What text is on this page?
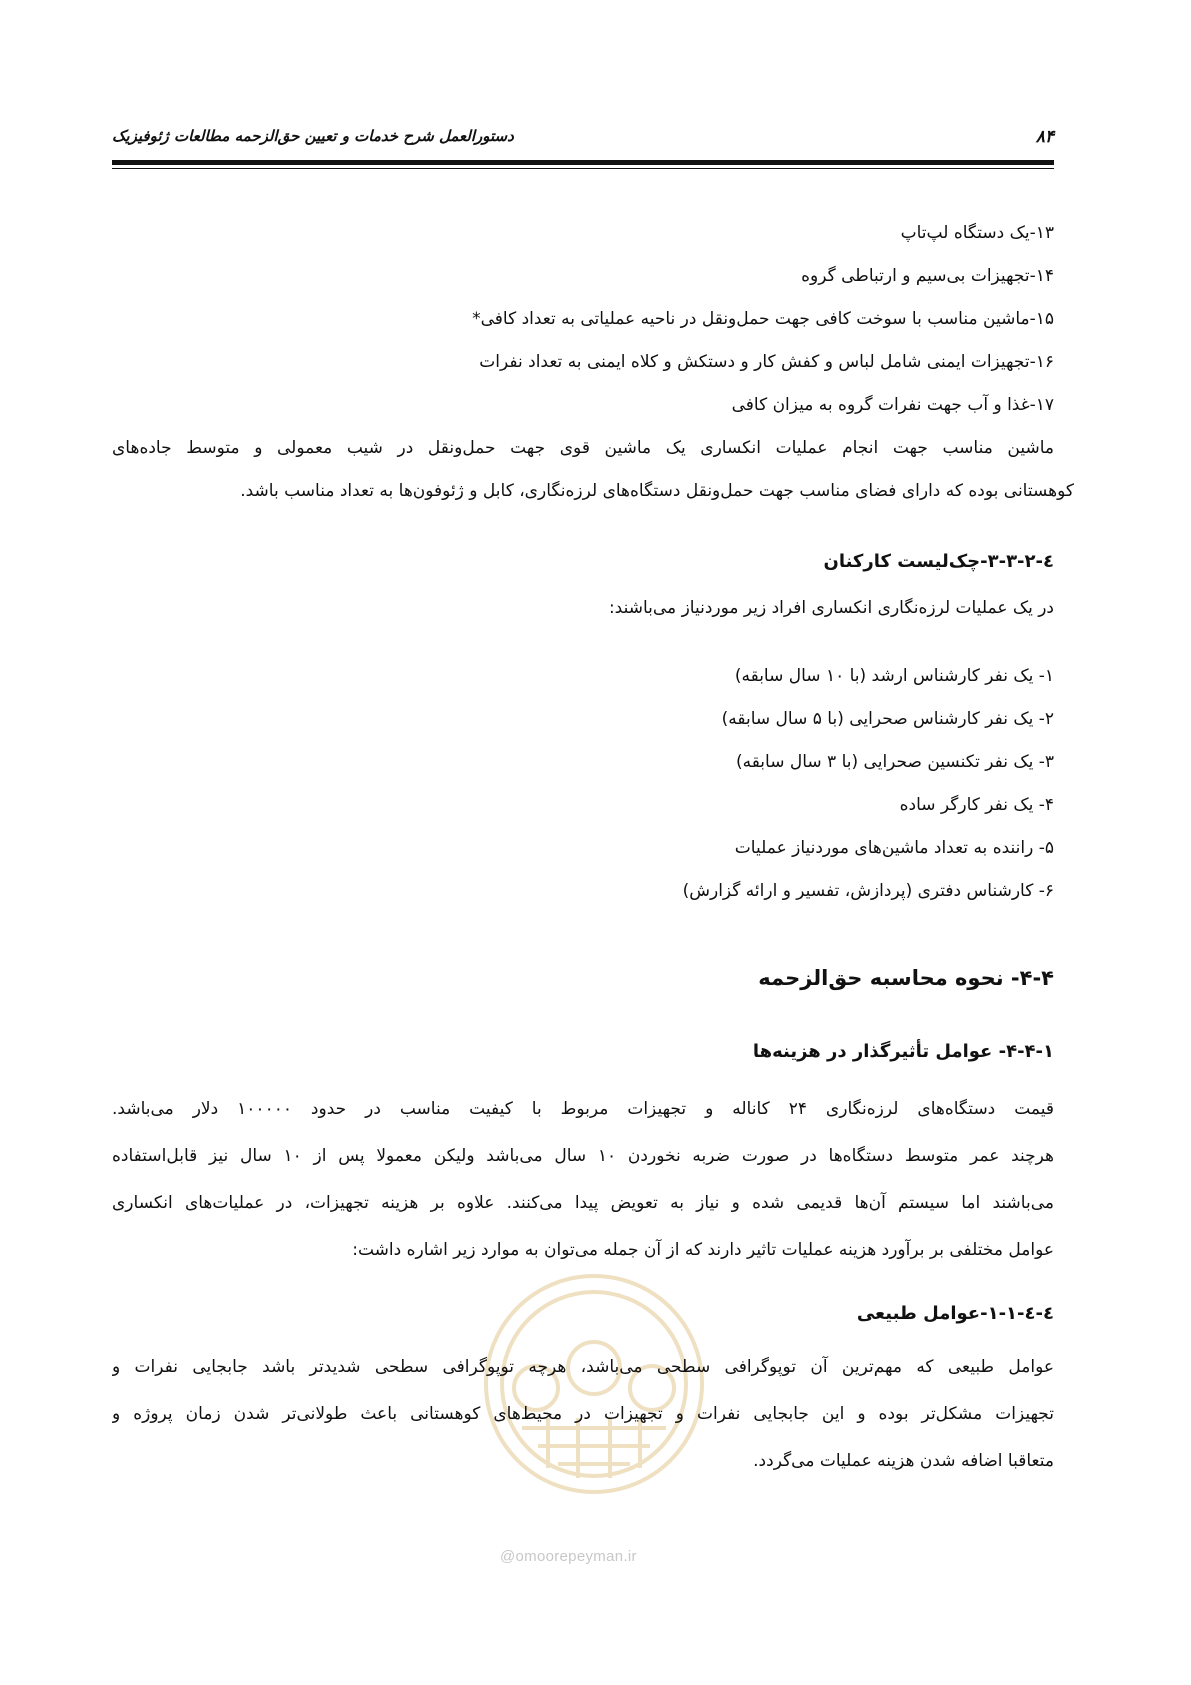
۸۴
دستورالعمل شرح خدمات و تعیین حق‌الزحمه مطالعات ژئوفیزیک
@omoorepeyman.ir
۱۳-یک دستگاه لپ‌تاپ
۱۴-تجهیزات بی‌سیم و ارتباطی گروه
۱۵-ماشین مناسب با سوخت کافی جهت حمل‌ونقل در ناحیه عملیاتی به تعداد کافی*
۱۶-تجهیزات ایمنی شامل لباس و کفش کار و دستکش و کلاه ایمنی به تعداد نفرات
۱۷-غذا و آب جهت نفرات گروه به میزان کافی
ماشین مناسب جهت انجام عملیات انکساری یک ماشین قوی جهت حمل‌ونقل در شیب معمولی و متوسط جاده‌های
کوهستانی بوده که دارای فضای مناسب جهت حمل‌ونقل دستگاه‌های لرزه‌نگاری، کابل و ژئوفون‌ها به تعداد مناسب باشد.
٤-۳-۳-۲-چک‌لیست کارکنان
در یک عملیات لرزه‌نگاری انکساری افراد زیر موردنیاز می‌باشند:
۱- یک نفر کارشناس ارشد (با ۱۰ سال سابقه)
۲- یک نفر کارشناس صحرایی (با ۵ سال سابقه)
۳- یک نفر تکنسین صحرایی (با ۳ سال سابقه)
۴- یک نفر کارگر ساده
۵- راننده به تعداد ماشین‌های موردنیاز عملیات
۶- کارشناس دفتری (پردازش، تفسیر و ارائه گزارش)
۴-۴- نحوه محاسبه حق‌الزحمه
۴-۴-۱- عوامل تأثیرگذار در هزینه‌ها
قیمت دستگاه‌های لرزه‌نگاری ۲۴ کاناله و تجهیزات مربوط با کیفیت مناسب در حدود ۱۰۰۰۰۰ دلار می‌باشد.
هرچند عمر متوسط دستگاه‌ها در صورت ضربه نخوردن ۱۰ سال می‌باشد ولیکن معمولا پس از ۱۰ سال نیز قابل‌استفاده
می‌باشند اما سیستم آن‌ها قدیمی شده و نیاز به تعویض پیدا می‌کنند. علاوه بر هزینه تجهیزات، در عملیات‌های انکساری
عوامل مختلفی بر برآورد هزینه عملیات تاثیر دارند که از آن جمله می‌توان به موارد زیر اشاره داشت:
٤-٤-۱-۱-عوامل طبیعی
عوامل طبیعی که مهم‌ترین آن توپوگرافی سطحی می‌باشد، هرچه توپوگرافی سطحی شدیدتر باشد جابجایی نفرات و
تجهیزات مشکل‌تر بوده و این جابجایی نفرات و تجهیزات در محیط‌های کوهستانی باعث طولانی‌تر شدن زمان پروژه و
متعاقبا اضافه شدن هزینه عملیات می‌گردد.
